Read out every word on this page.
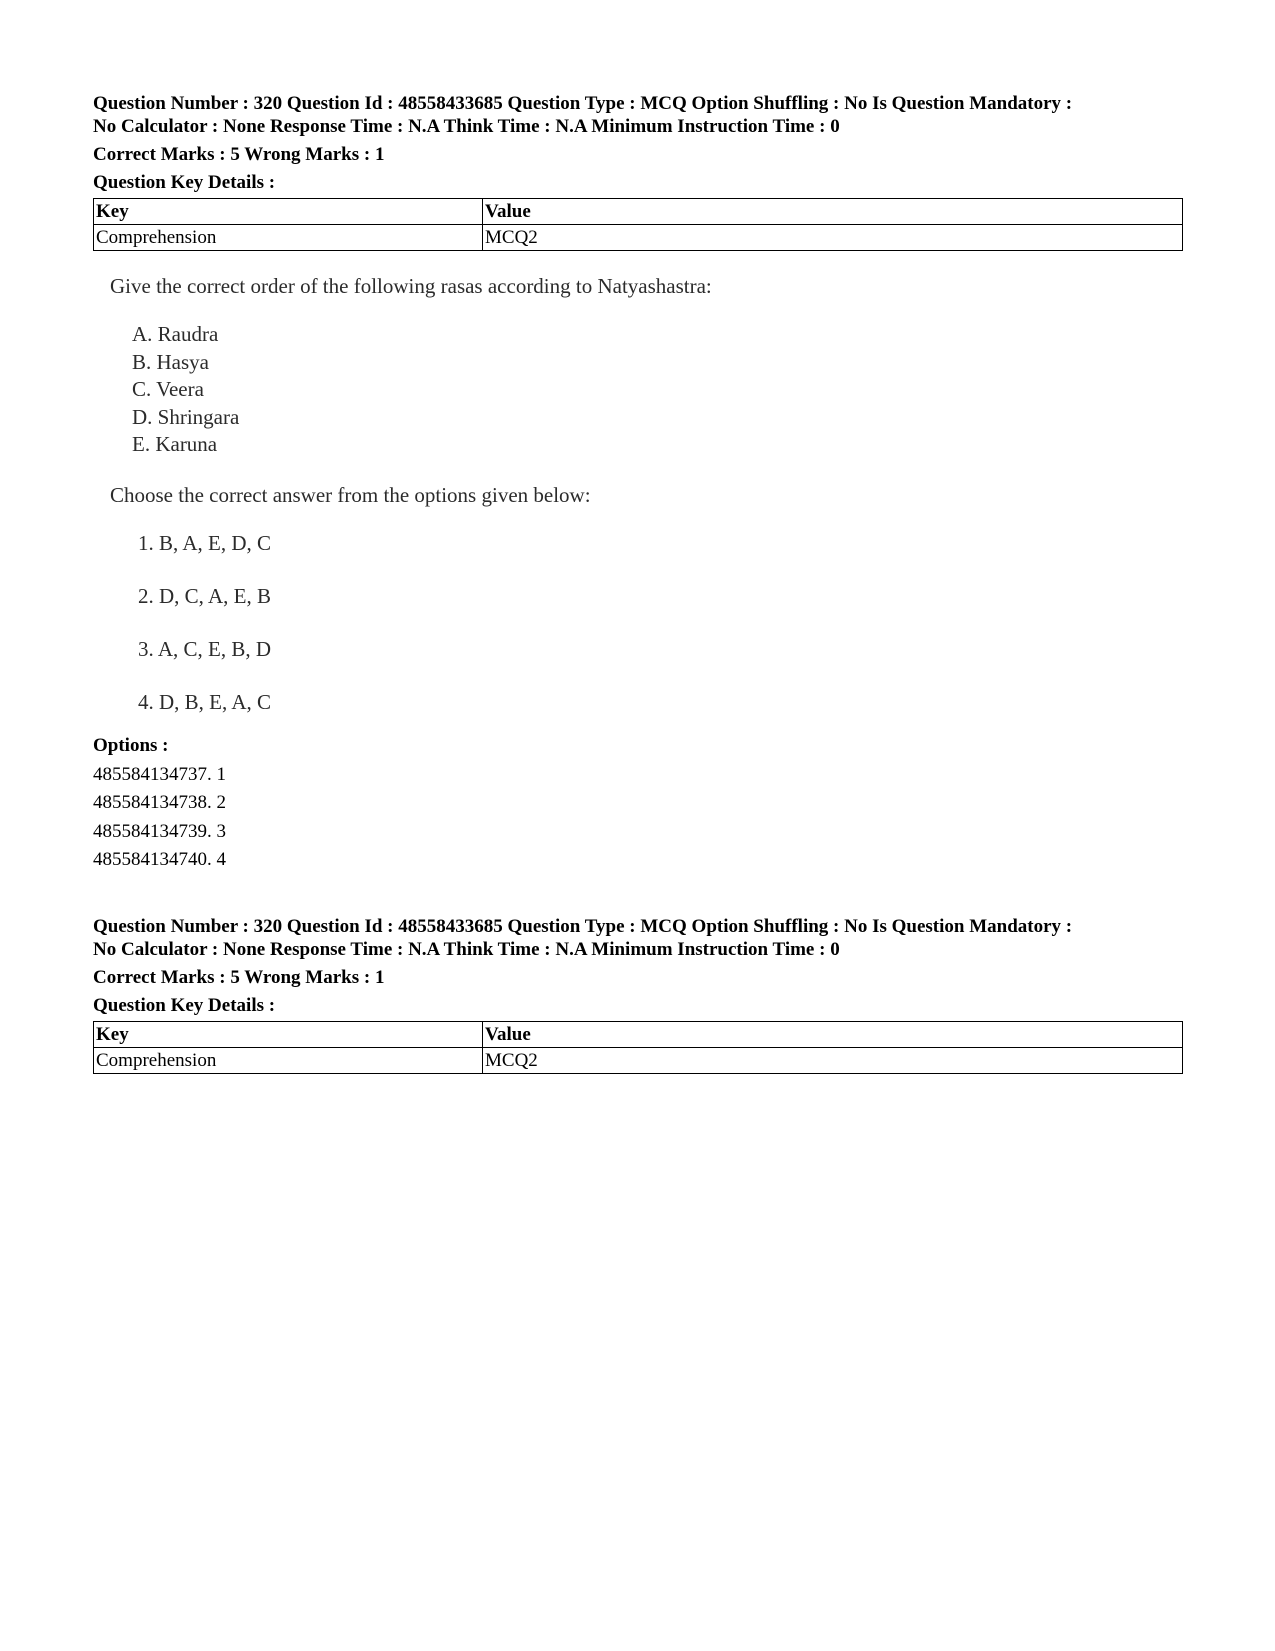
Question Number : 320 Question Id : 48558433685 Question Type : MCQ Option Shuffling : No Is Question Mandatory :
No Calculator : None Response Time : N.A Think Time : N.A Minimum Instruction Time : 0

Correct Marks : 5 Wrong Marks : 1
Question Key Details :
Key	Value
Comprehension	MCQ2

Give the correct order of the following rasas according to Natyashastra:

A. Raudra
B. Hasya
C. Veera
D. Shringara
E. Karuna

Choose the correct answer from the options given below:

1. B, A, E, D, C
2. D, C, A, E, B
3. A, C, E, B, D
4. D, B, E, A, C
Options :
485584134737. 1
485584134738. 2
485584134739. 3
485584134740. 4

Question Number : 320 Question Id : 48558433685 Question Type : MCQ Option Shuffling : No Is Question Mandatory :
No Calculator : None Response Time : N.A Think Time : N.A Minimum Instruction Time : 0

Correct Marks : 5 Wrong Marks : 1
Question Key Details :
Key	Value
Comprehension	MCQ2
